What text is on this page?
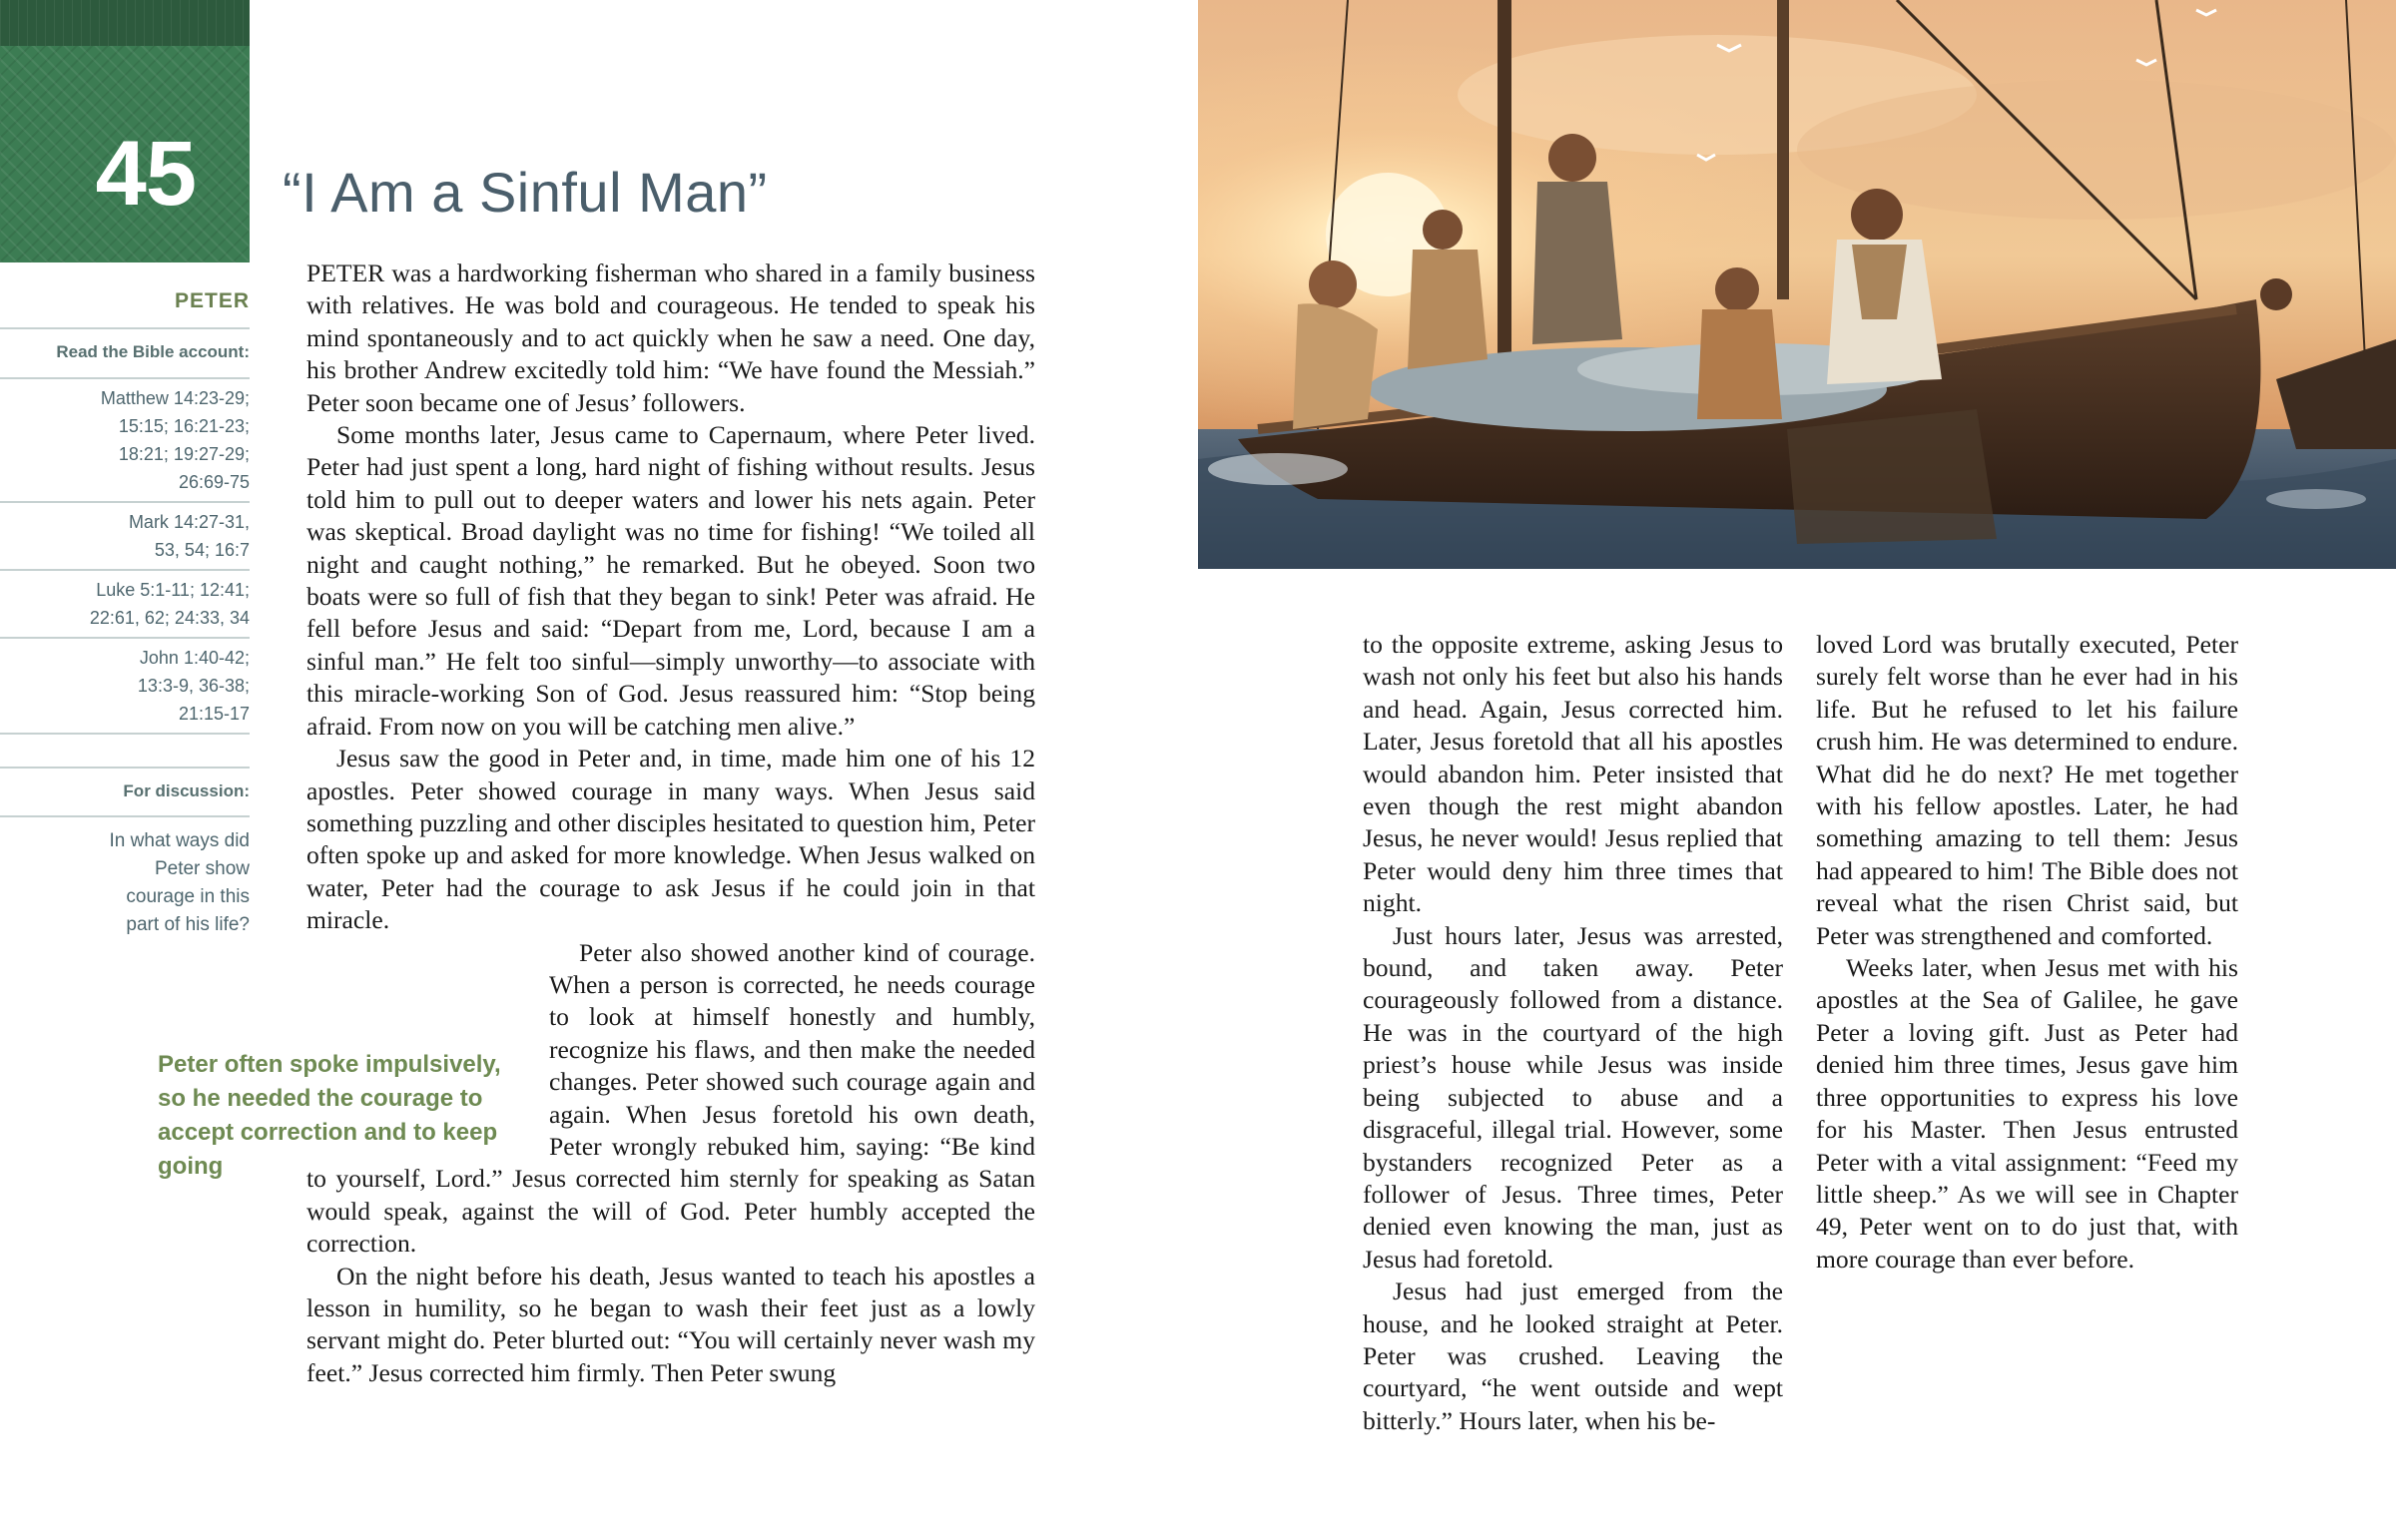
45 “I Am a Sinful Man”
PETER
Read the Bible account:
Matthew 14:23-29;
15:15; 16:21-23;
18:21; 19:27-29;
26:69-75
Mark 14:27-31,
53, 54; 16:7
Luke 5:1-11; 12:41;
22:61, 62; 24:33, 34
John 1:40-42;
13:3-9, 36-38;
21:15-17
For discussion:
In what ways did Peter show courage in this part of his life?
Peter often spoke impulsively, so he needed the courage to accept correction and to keep going

PETER was a hardworking fisherman who shared in a family business with relatives. He was bold and courageous. He tended to speak his mind spontaneously and to act quickly when he saw a need. One day, his brother Andrew excitedly told him: “We have found the Messiah.” Peter soon became one of Jesus’ followers.

Some months later, Jesus came to Capernaum, where Peter lived. Peter had just spent a long, hard night of fishing without results. Jesus told him to pull out to deeper waters and lower his nets again. Peter was skeptical. Broad daylight was no time for fishing! “We toiled all night and caught nothing,” he remarked. But he obeyed. Soon two boats were so full of fish that they began to sink! Peter was afraid. He fell before Jesus and said: “Depart from me, Lord, because I am a sinful man.” He felt too sinful—simply unworthy—to associate with this miracle-working Son of God. Jesus reassured him: “Stop being afraid. From now on you will be catching men alive.”

Jesus saw the good in Peter and, in time, made him one of his 12 apostles. Peter showed courage in many ways. When Jesus said something puzzling and other disciples hesitated to question him, Peter often spoke up and asked for more knowledge. When Jesus walked on water, Peter had the courage to ask Jesus if he could join in that miracle.

Peter also showed another kind of courage. When a person is corrected, he needs courage to look at himself honestly and humbly, recognize his flaws, and then make the needed changes. Peter showed such courage again and again. When Jesus foretold his own death, Peter wrongly rebuked him, saying: “Be kind to yourself, Lord.” Jesus corrected him sternly for speaking as Satan would speak, against the will of God. Peter humbly accepted the correction.

On the night before his death, Jesus wanted to teach his apostles a lesson in humility, so he began to wash their feet just as a lowly servant might do. Peter blurted out: “You will certainly never wash my feet.” Jesus corrected him firmly. Then Peter swung

to the opposite extreme, asking Jesus to wash not only his feet but also his hands and head. Again, Jesus corrected him. Later, Jesus foretold that all his apostles would abandon him. Peter insisted that even though the rest might abandon Jesus, he never would! Jesus replied that Peter would deny him three times that night.

Just hours later, Jesus was arrested, bound, and taken away. Peter courageously followed from a distance. He was in the courtyard of the high priest’s house while Jesus was inside being subjected to abuse and a disgraceful, illegal trial. However, some bystanders recognized Peter as a follower of Jesus. Three times, Peter denied even knowing the man, just as Jesus had foretold.

Jesus had just emerged from the house, and he looked straight at Peter. Peter was crushed. Leaving the courtyard, “he went outside and wept bitterly.” Hours later, when his be-

loved Lord was brutally executed, Peter surely felt worse than he ever had in his life. But he refused to let his failure crush him. He was determined to endure. What did he do next? He met together with his fellow apostles. Later, he had something amazing to tell them: Jesus had appeared to him! The Bible does not reveal what the risen Christ said, but Peter was strengthened and comforted.

Weeks later, when Jesus met with his apostles at the Sea of Galilee, he gave Peter a loving gift. Just as Peter had denied him three times, Jesus gave him three opportunities to express his love for his Master. Then Jesus entrusted Peter with a vital assignment: “Feed my little sheep.” As we will see in Chapter 49, Peter went on to do just that, with more courage than ever before.
